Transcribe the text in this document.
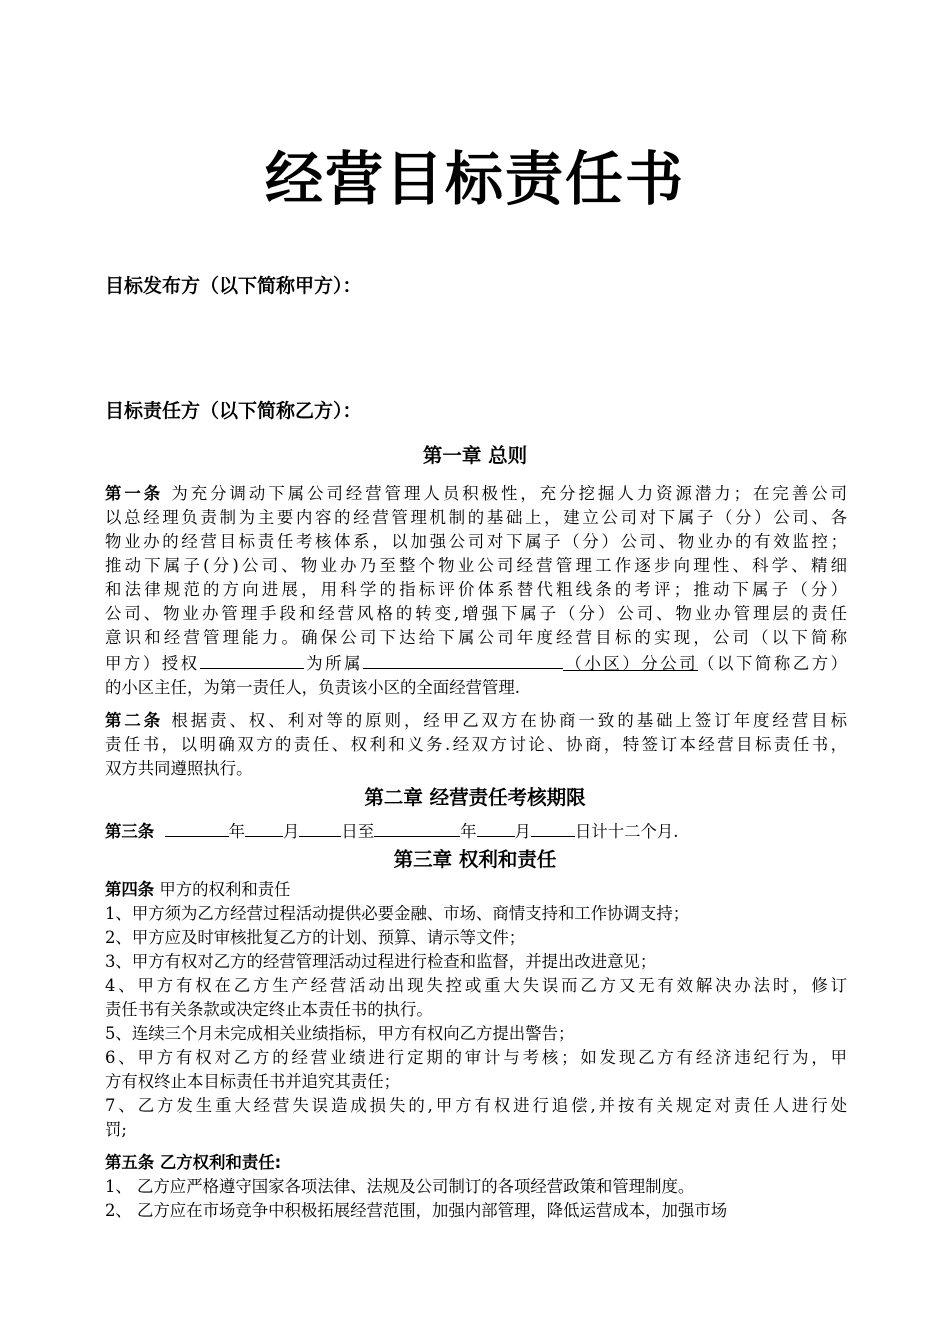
经营目标责任书
目标发布方（以下简称甲方）：
目标责任方（以下简称乙方）：
第一章 总则
第一条 为充分调动下属公司经营管理人员积极性，充分挖掘人力资源潜力；在完善公司
以总经理负责制为主要内容的经营管理机制的基础上，建立公司对下属子（分）公司、各
物业办的经营目标责任考核体系，以加强公司对下属子（分）公司、物业办的有效监控；
推动下属子(分)公司、物业办乃至整个物业公司经营管理工作逐步向理性、科学、精细
和法律规范的方向进展，用科学的指标评价体系替代粗线条的考评；推动下属子（分）
公司、物业办管理手段和经营风格的转变,增强下属子（分）公司、物业办管理层的责任
意识和经营管理能力。确保公司下达给下属公司年度经营目标的实现，公司（以下简称
甲方）授权	为所属	（小区）分公司（以下简称乙方）
的小区主任，为第一责任人，负责该小区的全面经营管理.
第二条 根据责、权、利对等的原则，经甲乙双方在协商一致的基础上签订年度经营目标
责任书，以明确双方的责任、权利和义务.经双方讨论、协商，特签订本经营目标责任书，
双方共同遵照执行。
第二章 经营责任考核期限
第三条	年 月	日至	年 月	日计十二个月.
第三章 权利和责任
第四条 甲方的权利和责任
1、甲方须为乙方经营过程活动提供必要金融、市场、商情支持和工作协调支持；
2、甲方应及时审核批复乙方的计划、预算、请示等文件；
3、甲方有权对乙方的经营管理活动过程进行检查和监督，并提出改进意见；
4、甲方有权在乙方生产经营活动出现失控或重大失误而乙方又无有效解决办法时，修订
责任书有关条款或决定终止本责任书的执行。
5、连续三个月未完成相关业绩指标，甲方有权向乙方提出警告；
6、甲方有权对乙方的经营业绩进行定期的审计与考核；如发现乙方有经济违纪行为，甲
方有权终止本目标责任书并追究其责任；
7、乙方发生重大经营失误造成损失的,甲方有权进行追偿,并按有关规定对责任人进行处
罚;
第五条 乙方权利和责任:
1、 乙方应严格遵守国家各项法律、法规及公司制订的各项经营政策和管理制度。
2、 乙方应在市场竞争中积极拓展经营范围，加强内部管理，降低运营成本，加强市场
